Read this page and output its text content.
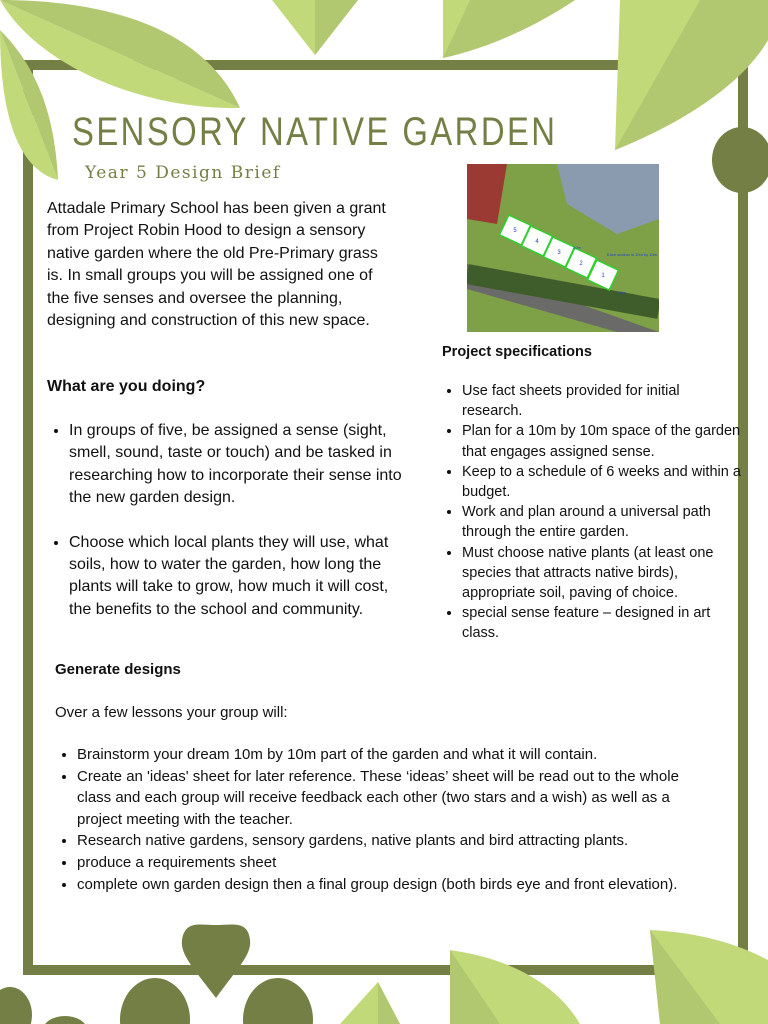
SENSORY NATIVE GARDEN
Year 5 Design Brief
5
4
3
2
1
40m
10m
Each section is 10m by 10m
Attadale Primary School has been given a grant from Project Robin Hood to design a sensory native garden where the old Pre-Primary grass is. In small groups you will be assigned one of the five senses and oversee the planning, designing and construction of this new space.
What are you doing?
• In groups of five, be assigned a sense (sight, smell, sound, taste or touch) and be tasked in researching how to incorporate their sense into the new garden design.
• Choose which local plants they will use, what soils, how to water the garden, how long the plants will take to grow, how much it will cost, the benefits to the school and community.
Project specifications
• Use fact sheets provided for initial research.
• Plan for a 10m by 10m space of the garden that engages assigned sense.
• Keep to a schedule of 6 weeks and within a budget.
• Work and plan around a universal path through the entire garden.
• Must choose native plants (at least one species that attracts native birds), appropriate soil, paving of choice.
• special sense feature – designed in art class.
Generate designs
Over a few lessons your group will:
• Brainstorm your dream 10m by 10m part of the garden and what it will contain.
• Create an 'ideas' sheet for later reference. These ‘ideas’ sheet will be read out to the whole class and each group will receive feedback each other (two stars and a wish) as well as a project meeting with the teacher.
• Research native gardens, sensory gardens, native plants and bird attracting plants.
• produce a requirements sheet
• complete own garden design then a final group design (both birds eye and front elevation).
